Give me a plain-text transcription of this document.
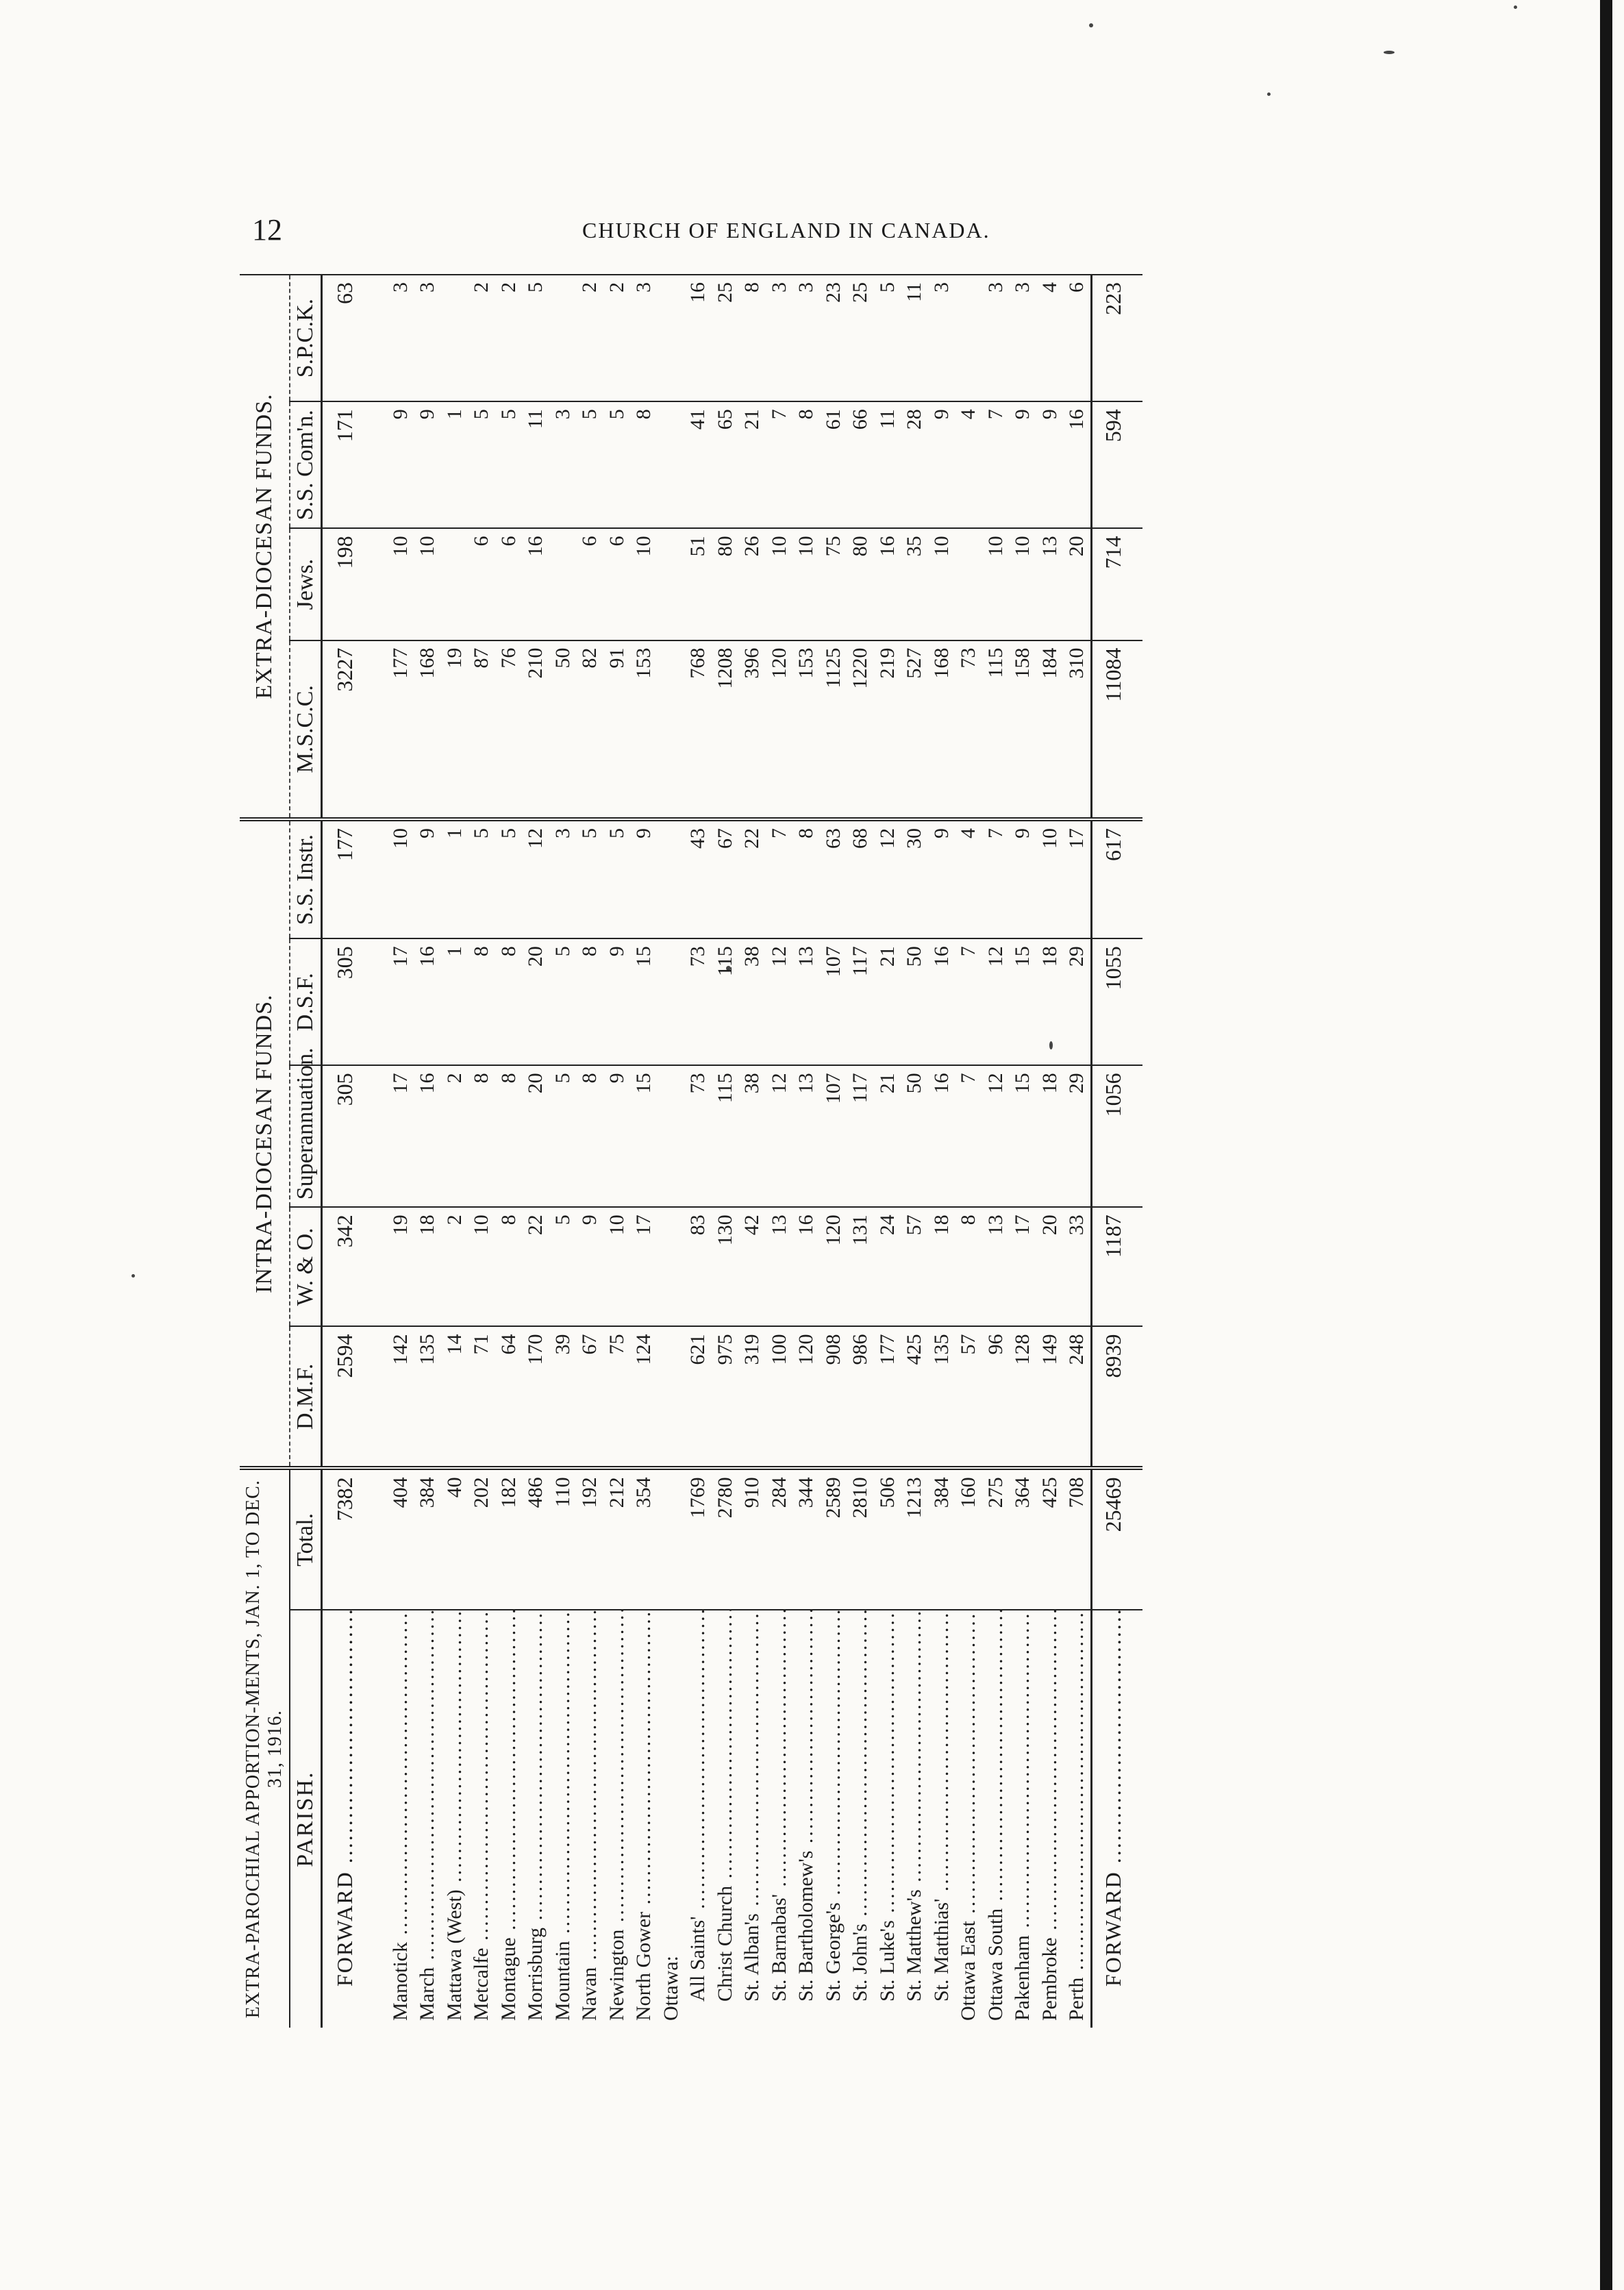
12	CHURCH OF ENGLAND IN CANADA.
EXTRA-PAROCHIAL APPORTION-MENTS, JAN. 1, TO DEC. 31, 1916.		INTRA-DIOCESAN FUNDS.					EXTRA-DIOCESAN FUNDS.			
PARISH.	Total.	D.M.F.	W. & O.	Superannuation.	D.S.F.	S.S. Instr.	M.S.C.C.	Jews.	S.S. Com'n.	S.P.C.K.
FORWARD .....	7382	2594	342	305	305	177	3227	198	171	63
Manotick .....	404	142	19	17	17	10	177	10	9	3
March .....	384	135	18	16	16	9	168	10	9	3
Mattawa (West) .....	40	14	2	2	1	1	19		1	
Metcalfe .....	202	71	10	8	8	5	87	6	5	2
Montague .....	182	64	8	8	8	5	76	6	5	2
Morrisburg .....	486	170	22	20	20	12	210	16	11	5
Mountain .....	110	39	5	5	5	3	50		3	
Navan .....	192	67	9	8	8	5	82	6	5	2
Newington .....	212	75	10	9	9	5	91	6	5	2
North Gower .....	354	124	17	15	15	9	153	10	8	3
Ottawa:										
All Saints' .....	1769	621	83	73	73	43	768	51	41	16
Christ Church .....	2780	975	130	115	115	67	1208	80	65	25
St. Alban's .....	910	319	42	38	38	22	396	26	21	8
St. Barnabas' .....	284	100	13	12	12	7	120	10	7	3
St. Bartholomew's .....	344	120	16	13	13	8	153	10	8	3
St. George's .....	2589	908	120	107	107	63	1125	75	61	23
St. John's .....	2810	986	131	117	117	68	1220	80	66	25
St. Luke's .....	506	177	24	21	21	12	219	16	11	5
St. Matthew's .....	1213	425	57	50	50	30	527	35	28	11
St. Matthias' .....	384	135	18	16	16	9	168	10	9	3
Ottawa East .....	160	57	8	7	7	4	73		4	
Ottawa South .....	275	96	13	12	12	7	115	10	7	3
Pakenham .....	364	128	17	15	15	9	158	10	9	3
Pembroke .....	425	149	20	18	18	10	184	13	9	4
Perth .....	708	248	33	29	29	17	310	20	16	6
FORWARD .....	25469	8939	1187	1056	1055	617	11084	714	594	223
